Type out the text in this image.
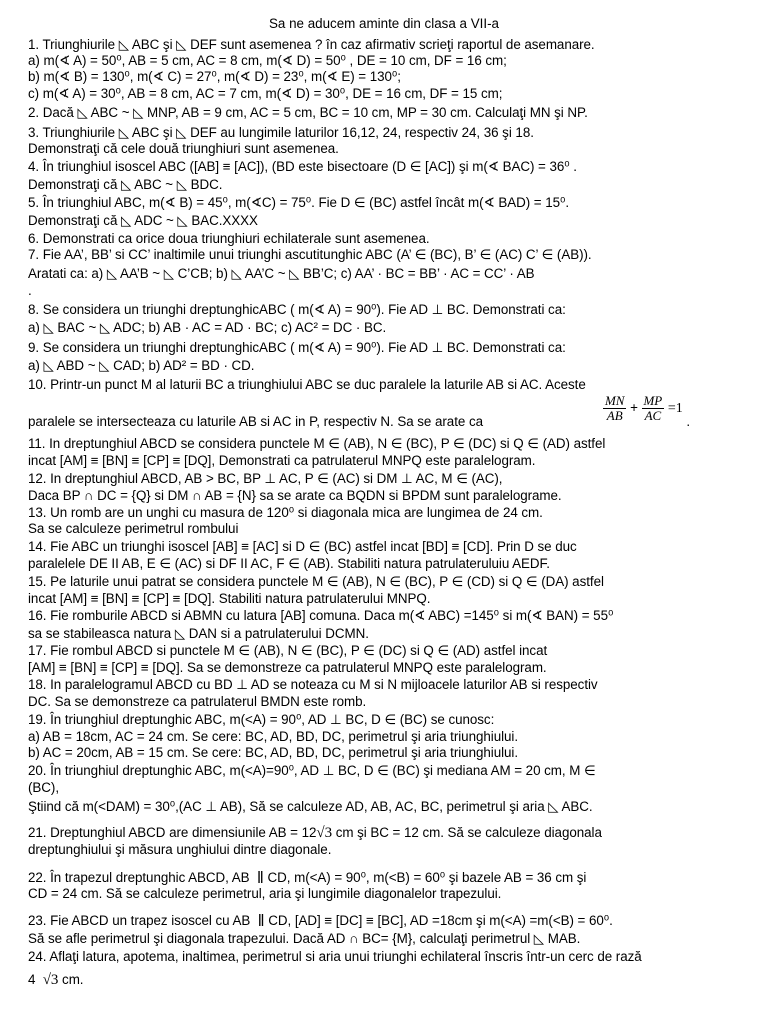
Sa ne aducem aminte din clasa a VII-a
1. Triunghiurile ◺ ABC şi ◺ DEF sunt asemenea ? în caz afirmativ scrieţi raportul de asemanare.
a) m(∢ A) = 50⁰, AB = 5 cm, AC = 8 cm, m(∢ D) = 50⁰ , DE = 10 cm, DF = 16 cm;
b) m(∢ B) = 130⁰, m(∢ C) = 27⁰, m(∢ D) = 23⁰, m(∢ E) = 130⁰;
c) m(∢ A) = 30⁰, AB = 8 cm, AC = 7 cm, m(∢ D) = 30⁰, DE = 16 cm, DF = 15 cm;
2. Dacă ◺ ABC ~ ◺ MNP, AB = 9 cm, AC = 5 cm, BC = 10 cm, MP = 30 cm. Calculaţi MN şi NP.
3. Triunghiurile ◺ ABC şi ◺ DEF au lungimile laturilor 16,12, 24, respectiv 24, 36 şi 18.
Demonstraţi că cele două triunghiuri sunt asemenea.
4. În triunghiul isoscel ABC ([AB] ≡ [AC]), (BD este bisectoare (D ∈ [AC]) şi m(∢ BAC) = 36⁰ .
Demonstraţi că ◺ ABC ~ ◺ BDC.
5. În triunghiul ABC, m(∢ B) = 45⁰, m(∢C) = 75⁰. Fie D ∈ (BC) astfel încât m(∢ BAD) = 15⁰.
Demonstraţi că ◺ ADC ~ ◺ BAC.XXXX
6. Demonstrati ca orice doua triunghiuri echilaterale sunt asemenea.
7. Fie AA’, BB’ si CC’ inaltimile unui triunghi ascutitunghic ABC (A’ ∈ (BC), B’ ∈ (AC) C’ ∈ (AB)).
Aratati ca: a) ◺ AA’B ~ ◺ C’CB; b) ◺ AA’C ~ ◺ BB’C; c) AA’ · BC = BB’ · AC = CC’ · AB
.
8. Se considera un triunghi dreptunghicABC ( m(∢ A) = 90⁰). Fie AD ⊥ BC. Demonstrati ca:
a) ◺ BAC ~ ◺ ADC; b) AB · AC = AD · BC; c) AC² = DC · BC.
9. Se considera un triunghi dreptunghicABC ( m(∢ A) = 90⁰). Fie AD ⊥ BC. Demonstrati ca:
a) ◺ ABD ~ ◺ CAD; b) AD² = BD · CD.
10. Printr-un punct M al laturii BC a triunghiului ABC se duc paralele la laturile AB si AC. Aceste
paralele se intersecteaza cu laturile AB si AC in P, respectiv N. Sa se arate ca	$\frac{MN}{AB} + \frac{MP}{AC} =1$ .
11. In dreptunghiul ABCD se considera punctele M ∈ (AB), N ∈ (BC), P ∈ (DC) si Q ∈ (AD) astfel
incat [AM] ≡ [BN] ≡ [CP] ≡ [DQ], Demonstrati ca patrulaterul MNPQ este paralelogram.
12. In dreptunghiul ABCD, AB > BC, BP ⊥ AC, P ∈ (AC) si DM ⊥ AC, M ∈ (AC),
Daca BP ∩ DC = {Q} si DM ∩ AB = {N} sa se arate ca BQDN si BPDM sunt paralelograme.
13. Un romb are un unghi cu masura de 120⁰ si diagonala mica are lungimea de 24 cm.
Sa se calculeze perimetrul rombului
14. Fie ABC un triunghi isoscel [AB] ≡ [AC] si D ∈ (BC) astfel incat [BD] ≡ [CD]. Prin D se duc
paralelele DE II AB, E ∈ (AC) si DF II AC, F ∈ (AB). Stabiliti natura patrulateruluiu AEDF.
15. Pe laturile unui patrat se considera punctele M ∈ (AB), N ∈ (BC), P ∈ (CD) si Q ∈ (DA) astfel
incat [AM] ≡ [BN] ≡ [CP] ≡ [DQ]. Stabiliti natura patrulaterului MNPQ.
16. Fie romburile ABCD si ABMN cu latura [AB] comuna. Daca m(∢ ABC) =145⁰ si m(∢ BAN) = 55⁰
sa se stabileasca natura ◺ DAN si a patrulaterului DCMN.
17. Fie rombul ABCD si punctele M ∈ (AB), N ∈ (BC), P ∈ (DC) si Q ∈ (AD) astfel incat
[AM] ≡ [BN] ≡ [CP] ≡ [DQ]. Sa se demonstreze ca patrulaterul MNPQ este paralelogram.
18. In paralelogramul ABCD cu BD ⊥ AD se noteaza cu M si N mijloacele laturilor AB si respectiv
DC. Sa se demonstreze ca patrulaterul BMDN este romb.
19. În triunghiul dreptunghic ABC, m(<A) = 90⁰, AD ⊥ BC, D ∈ (BC) se cunosc:
a) AB = 18cm, AC = 24 cm. Se cere: BC, AD, BD, DC, perimetrul şi aria triunghiului.
b) AC = 20cm, AB = 15 cm. Se cere: BC, AD, BD, DC, perimetrul şi aria triunghiului.
20. În triunghiul dreptunghic ABC, m(<A)=90⁰, AD ⊥ BC, D ∈ (BC) şi mediana AM = 20 cm, M ∈
(BC),
Ştiind că m(<DAM) = 30⁰,(AC ⊥ AB), Să se calculeze AD, AB, AC, BC, perimetrul şi aria ◺ ABC.
21. Dreptunghiul ABCD are dimensiunile AB = 12√3 cm şi BC = 12 cm. Să se calculeze diagonala
dreptunghiului şi măsura unghiului dintre diagonale.
22. În trapezul dreptunghic ABCD, AB ‖ CD, m(<A) = 90⁰, m(<B) = 60⁰ şi bazele AB = 36 cm şi
CD = 24 cm. Să se calculeze perimetrul, aria şi lungimile diagonalelor trapezului.
23. Fie ABCD un trapez isoscel cu AB ‖ CD, [AD] ≡ [DC] ≡ [BC], AD =18cm şi m(<A) =m(<B) = 60⁰.
Să se afle perimetrul şi diagonala trapezului. Dacă AD ∩ BC= {M}, calculaţi perimetrul ◺ MAB.
24. Aflaţi latura, apotema, inaltimea, perimetrul si aria unui triunghi echilateral înscris într-un cerc de rază
4 √3 cm.
